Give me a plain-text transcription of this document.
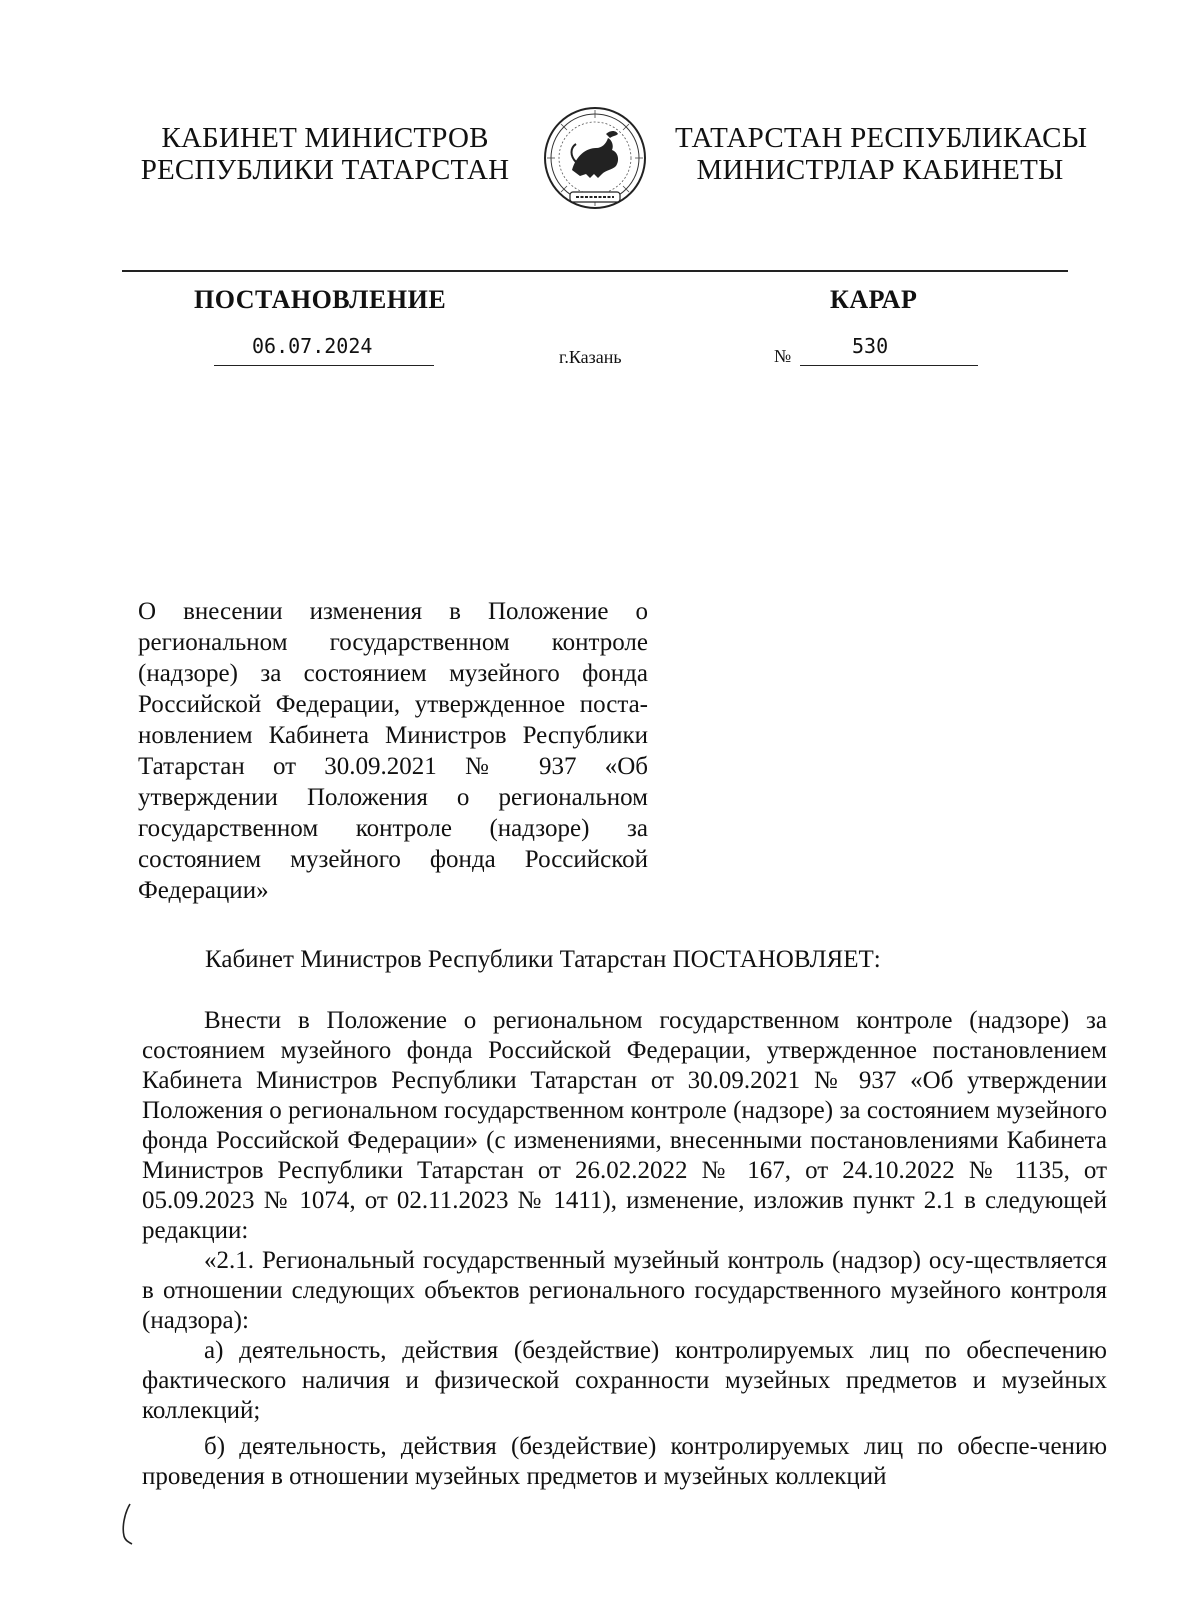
КАБИНЕТ МИНИСТРОВ
РЕСПУБЛИКИ ТАТАРСТАН
ТАТАРСТАН РЕСПУБЛИКАСЫ
МИНИСТРЛАР КАБИНЕТЫ
ПОСТАНОВЛЕНИЕ	КАРАР
06.07.2024	г.Казань	№	530
О внесении изменения в Положение о региональном государственном контроле (надзоре) за состоянием музейного фонда Российской Федерации, утвержденное поста-новлением Кабинета Министров Республики Татарстан от 30.09.2021 № 937 «Об утверждении Положения о региональном государственном контроле (надзоре) за состоянием музейного фонда Российской Федерации»
Кабинет Министров Республики Татарстан ПОСТАНОВЛЯЕТ:

Внести в Положение о региональном государственном контроле (надзоре) за состоянием музейного фонда Российской Федерации, утвержденное постановлением Кабинета Министров Республики Татарстан от 30.09.2021 № 937 «Об утверждении Положения о региональном государственном контроле (надзоре) за состоянием музейного фонда Российской Федерации» (с изменениями, внесенными постановлениями Кабинета Министров Республики Татарстан от 26.02.2022 № 167, от 24.10.2022 № 1135, от 05.09.2023 № 1074, от 02.11.2023 № 1411), изменение, изложив пункт 2.1 в следующей редакции:

«2.1. Региональный государственный музейный контроль (надзор) осу-ществляется в отношении следующих объектов регионального государственного музейного контроля (надзора):

а) деятельность, действия (бездействие) контролируемых лиц по обеспечению фактического наличия и физической сохранности музейных предметов и музейных коллекций;

б) деятельность, действия (бездействие) контролируемых лиц по обеспе-чению проведения в отношении музейных предметов и музейных коллекций
